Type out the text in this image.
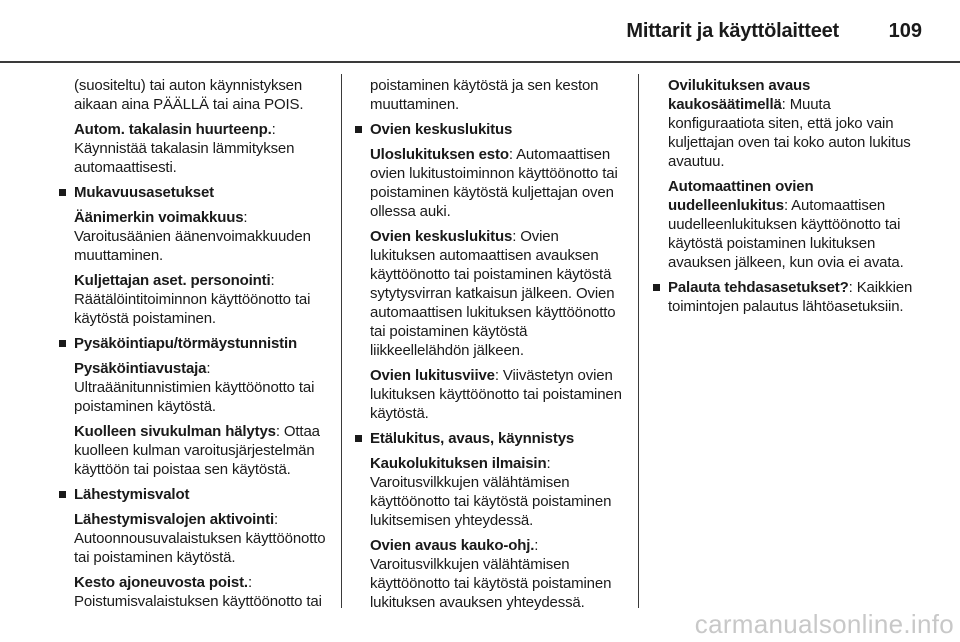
Mittarit ja käyttölaitteet 109
(suositeltu) tai auton käynnistyksen aikaan aina PÄÄLLÄ tai aina POIS.
Autom. takalasin huurteenp.: Käynnistää takalasin lämmityksen automaattisesti.
Mukavuusasetukset
Äänimerkin voimakkuus: Varoitusäänien äänenvoimakkuuden muuttaminen.
Kuljettajan aset. personointi: Räätälöintitoiminnon käyttöönotto tai käytöstä poistaminen.
Pysäköintiapu/törmäystunnistin
Pysäköintiavustaja: Ultraäänitunnistimien käyttöönotto tai poistaminen käytöstä.
Kuolleen sivukulman hälytys: Ottaa kuolleen kulman varoitusjärjestelmän käyttöön tai poistaa sen käytöstä.
Lähestymisvalot
Lähestymisvalojen aktivointi: Autoonnousuvalaistuksen käyttöönotto tai poistaminen käytöstä.
Kesto ajoneuvosta poist.: Poistumisvalaistuksen käyttöönotto tai
poistaminen käytöstä ja sen keston muuttaminen.
Ovien keskuslukitus
Uloslukituksen esto: Automaattisen ovien lukitustoiminnon käyttöönotto tai poistaminen käytöstä kuljettajan oven ollessa auki.
Ovien keskuslukitus: Ovien lukituksen automaattisen avauksen käyttöönotto tai poistaminen käytöstä sytytysvirran katkaisun jälkeen. Ovien automaattisen lukituksen käyttöönotto tai poistaminen käytöstä liikkeellelähdön jälkeen.
Ovien lukitusviive: Viivästetyn ovien lukituksen käyttöönotto tai poistaminen käytöstä.
Etälukitus, avaus, käynnistys
Kaukolukituksen ilmaisin: Varoitusvilkkujen välähtämisen käyttöönotto tai käytöstä poistaminen lukitsemisen yhteydessä.
Ovien avaus kauko-ohj.: Varoitusvilkkujen välähtämisen käyttöönotto tai käytöstä poistaminen lukituksen avauksen yhteydessä.
Ovilukituksen avaus kaukosäätimellä: Muuta konfiguraatiota siten, että joko vain kuljettajan oven tai koko auton lukitus avautuu.
Automaattinen ovien uudelleenlukitus: Automaattisen uudelleenlukituksen käyttöönotto tai käytöstä poistaminen lukituksen avauksen jälkeen, kun ovia ei avata.
Palauta tehdasasetukset?: Kaikkien toimintojen palautus lähtöasetuksiin.
carmanualsonline.info
